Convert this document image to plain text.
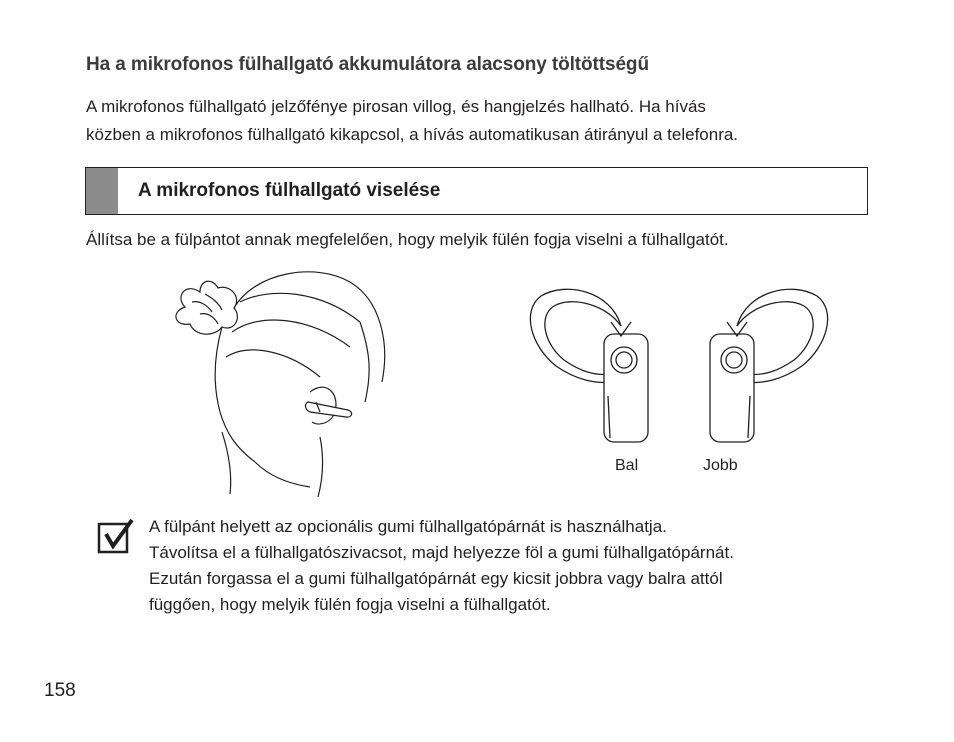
Ha a mikrofonos fülhallgató akkumulátora alacsony töltöttségű
A mikrofonos fülhallgató jelzőfénye pirosan villog, és hangjelzés hallható. Ha hívás
közben a mikrofonos fülhallgató kikapcsol, a hívás automatikusan átirányul a telefonra.
A mikrofonos fülhallgató viselése
Állítsa be a fülpántot annak megfelelően, hogy melyik fülén fogja viselni a fülhallgatót.
Bal	Jobb
A fülpánt helyett az opcionális gumi fülhallgatópárnát is használhatja.
Távolítsa el a fülhallgatószivacsot, majd helyezze föl a gumi fülhallgatópárnát.
Ezután forgassa el a gumi fülhallgatópárnát egy kicsit jobbra vagy balra attól
függően, hogy melyik fülén fogja viselni a fülhallgatót.
158
